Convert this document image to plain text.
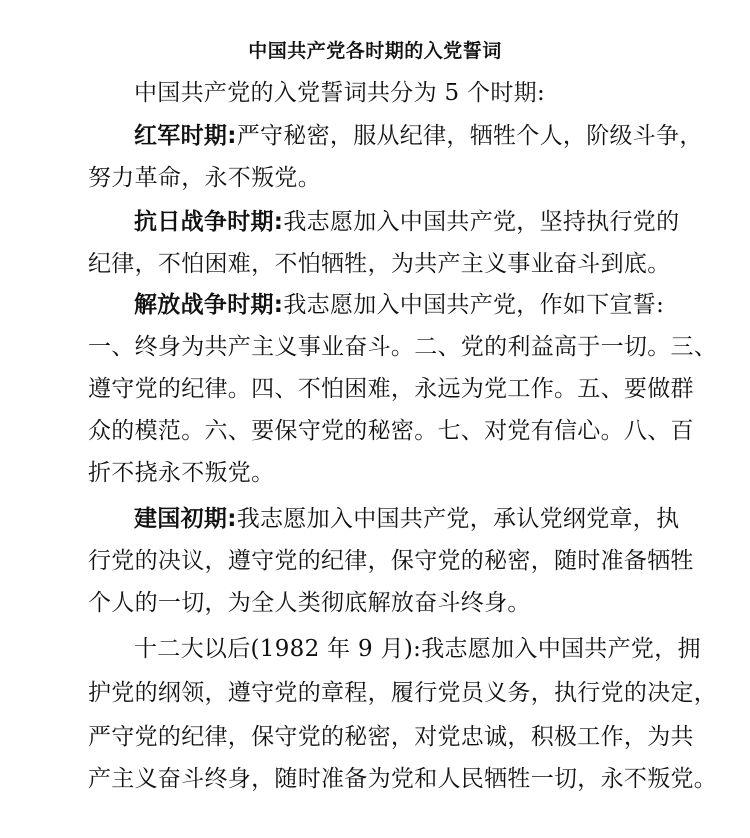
中国共产党各时期的入党誓词
中国共产党的入党誓词共分为 5 个时期:
红军时期:严守秘密，服从纪律，牺牲个人，阶级斗争，
努力革命，永不叛党。
抗日战争时期:我志愿加入中国共产党，坚持执行党的
纪律，不怕困难，不怕牺牲，为共产主义事业奋斗到底。
解放战争时期:我志愿加入中国共产党，作如下宣誓:
一、终身为共产主义事业奋斗。二、党的利益高于一切。三、
遵守党的纪律。四、不怕困难，永远为党工作。五、要做群
众的模范。六、要保守党的秘密。七、对党有信心。八、百
折不挠永不叛党。
建国初期:我志愿加入中国共产党，承认党纲党章，执
行党的决议，遵守党的纪律，保守党的秘密，随时准备牺牲
个人的一切，为全人类彻底解放奋斗终身。
十二大以后(1982 年 9 月):我志愿加入中国共产党，拥
护党的纲领，遵守党的章程，履行党员义务，执行党的决定，
严守党的纪律，保守党的秘密，对党忠诚，积极工作，为共
产主义奋斗终身，随时准备为党和人民牺牲一切，永不叛党。
